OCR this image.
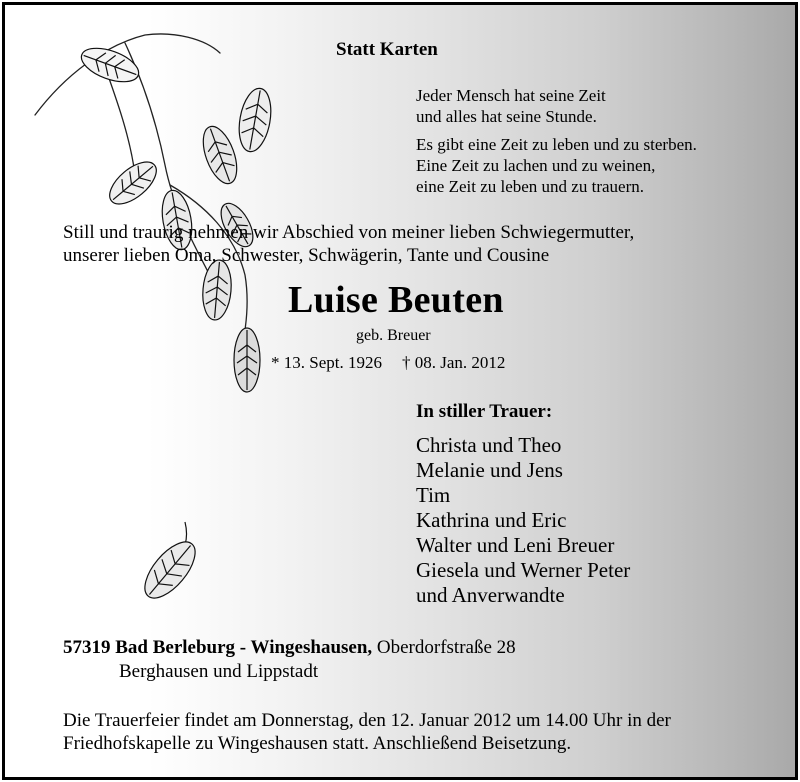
Statt Karten
Jeder Mensch hat seine Zeit
und alles hat seine Stunde.
Es gibt eine Zeit zu leben und zu sterben.
Eine Zeit zu lachen und zu weinen,
eine Zeit zu leben und zu trauern.
Still und traurig nehmen wir Abschied von meiner lieben Schwiegermutter,
unserer lieben Oma, Schwester, Schwägerin, Tante und Cousine
Luise Beuten
geb. Breuer
* 13. Sept. 1926 † 08. Jan. 2012
In stiller Trauer:
Christa und Theo
Melanie und Jens
Tim
Kathrina und Eric
Walter und Leni Breuer
Giesela und Werner Peter
und Anverwandte
57319 Bad Berleburg - Wingeshausen, Oberdorfstraße 28
Berghausen und Lippstadt
Die Trauerfeier findet am Donnerstag, den 12. Januar 2012 um 14.00 Uhr in der
Friedhofskapelle zu Wingeshausen statt. Anschließend Beisetzung.
